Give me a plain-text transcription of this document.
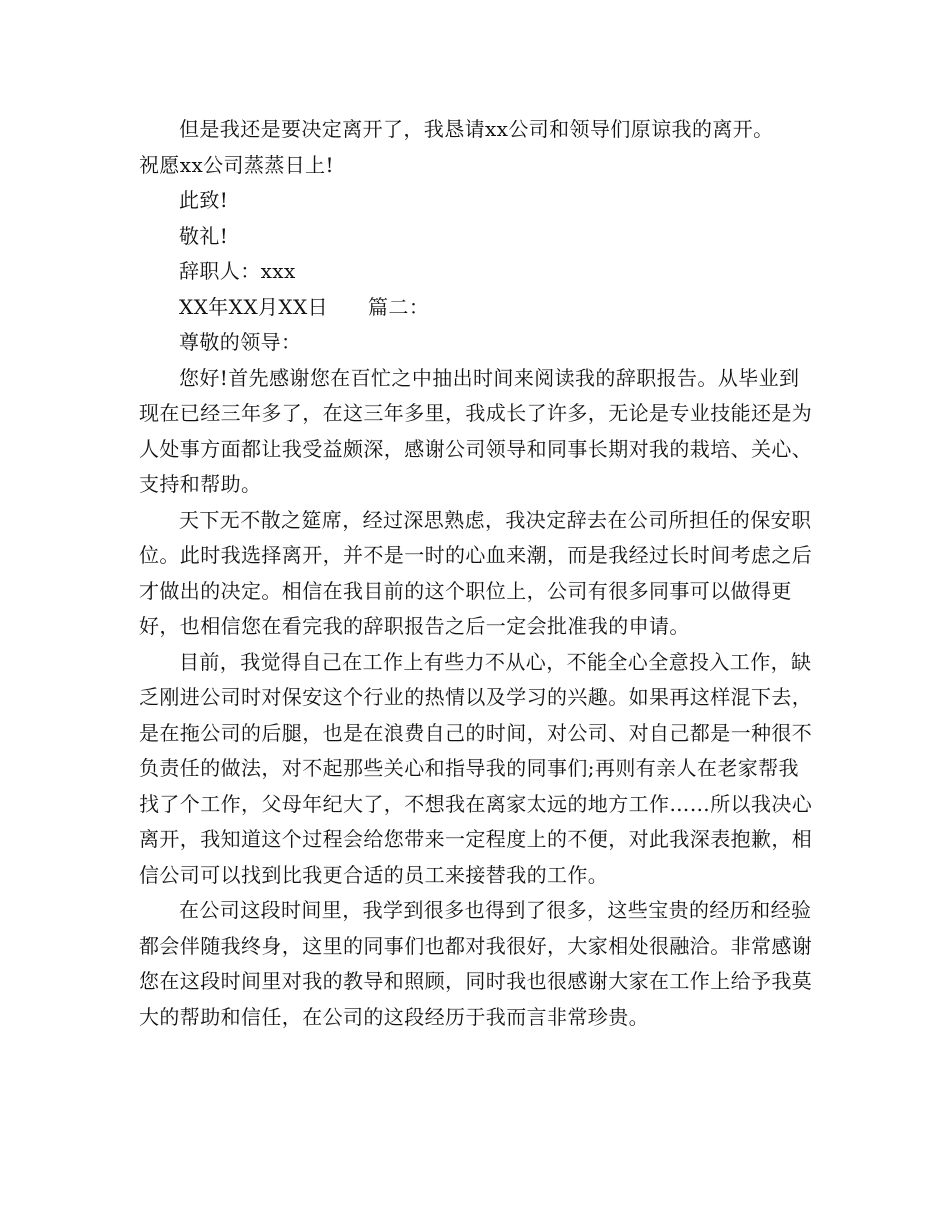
但是我还是要决定离开了，我恳请xx公司和领导们原谅我的离开。

祝愿xx公司蒸蒸日上!

此致!

敬礼!

辞职人：xxx

XX年XX月XX日 篇二：

尊敬的领导：

您好!首先感谢您在百忙之中抽出时间来阅读我的辞职报告。从毕业到现在已经三年多了，在这三年多里，我成长了许多，无论是专业技能还是为人处事方面都让我受益颇深，感谢公司领导和同事长期对我的栽培、关心、支持和帮助。

天下无不散之筵席，经过深思熟虑，我决定辞去在公司所担任的保安职位。此时我选择离开，并不是一时的心血来潮，而是我经过长时间考虑之后才做出的决定。相信在我目前的这个职位上，公司有很多同事可以做得更好，也相信您在看完我的辞职报告之后一定会批准我的申请。

目前，我觉得自己在工作上有些力不从心，不能全心全意投入工作，缺乏刚进公司时对保安这个行业的热情以及学习的兴趣。如果再这样混下去，是在拖公司的后腿，也是在浪费自己的时间，对公司、对自己都是一种很不负责任的做法，对不起那些关心和指导我的同事们;再则有亲人在老家帮我找了个工作，父母年纪大了，不想我在离家太远的地方工作……所以我决心离开，我知道这个过程会给您带来一定程度上的不便，对此我深表抱歉，相信公司可以找到比我更合适的员工来接替我的工作。

在公司这段时间里，我学到很多也得到了很多，这些宝贵的经历和经验都会伴随我终身，这里的同事们也都对我很好，大家相处很融洽。非常感谢您在这段时间里对我的教导和照顾，同时我也很感谢大家在工作上给予我莫大的帮助和信任，在公司的这段经历于我而言非常珍贵。
